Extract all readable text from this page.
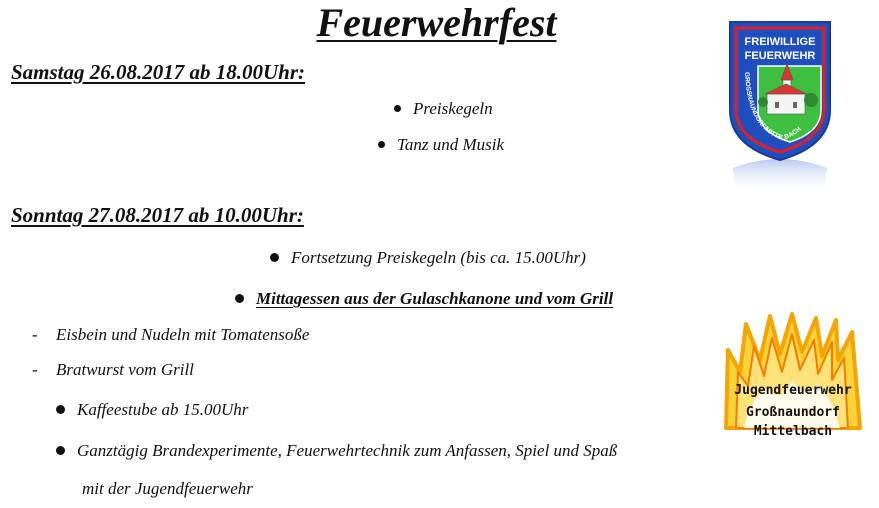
Feuerwehrfest
Samstag 26.08.2017 ab 18.00Uhr:
Preiskegeln
Tanz und Musik
Sonntag 27.08.2017 ab 10.00Uhr:
Fortsetzung Preiskegeln (bis ca. 15.00Uhr)
Mittagessen aus der Gulaschkanone und vom Grill
- Eisbein und Nudeln mit Tomatensoße
- Bratwurst vom Grill
Kaffeestube ab 15.00Uhr
Ganztägig Brandexperimente, Feuerwehrtechnik zum Anfassen, Spiel und Spaß
mit der Jugendfeuerwehr
FREIWILLIGE
FEUERWEHR
GROSSNAUNDORF/MITTELBACH
Jugendfeuerwehr
Großnaundorf
Mittelbach
